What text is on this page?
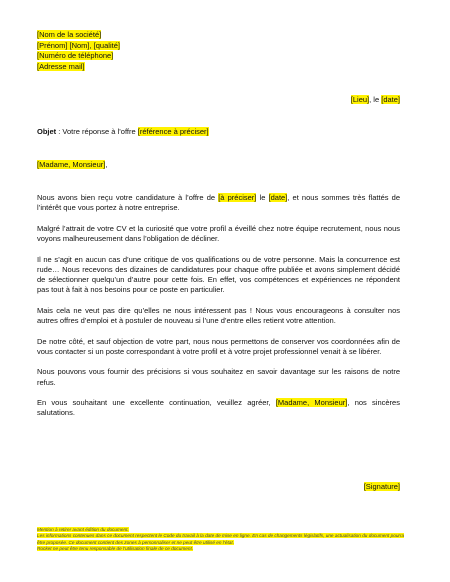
[Nom de la société]
[Prénom] [Nom], [qualité]
[Numéro de téléphone]
[Adresse mail]
[Lieu], le [date]
Objet : Votre réponse à l’offre [référence à préciser]
[Madame, Monsieur],

Nous avons bien reçu votre candidature à l’offre de [à préciser] le [date], et nous sommes très flattés de l’intérêt que vous portez à notre entreprise.

Malgré l’attrait de votre CV et la curiosité que votre profil a éveillé chez notre équipe recrutement, nous nous voyons malheureusement dans l’obligation de décliner.

Il ne s’agit en aucun cas d’une critique de vos qualifications ou de votre personne. Mais la concurrence est rude… Nous recevons des dizaines de candidatures pour chaque offre publiée et avons simplement décidé de sélectionner quelqu’un d’autre pour cette fois. En effet, vos compétences et expériences ne répondent pas tout à fait à nos besoins pour ce poste en particulier.

Mais cela ne veut pas dire qu’elles ne nous intéressent pas ! Nous vous encourageons à consulter nos autres offres d’emploi et à postuler de nouveau si l’une d’entre elles retient votre attention.

De notre côté, et sauf objection de votre part, nous nous permettons de conserver vos coordonnées afin de vous contacter si un poste correspondant à votre profil et à votre projet professionnel venait à se libérer.

Nous pouvons vous fournir des précisions si vous souhaitez en savoir davantage sur les raisons de notre refus.

En vous souhaitant une excellente continuation, veuillez agréer, [Madame, Monsieur], nos sincères salutations.

[Signature]
Mention à retirer avant édition du document.
Les informations contenues dans ce document respectent le Code du travail à la date de mise en ligne. En cas de changements législatifs, une actualisation du document pourra être proposée. Ce document contient des zones à personnaliser et ne peut être utilisé en l’état.
Rocket ne peut être tenu responsable de l’utilisation finale de ce document.
